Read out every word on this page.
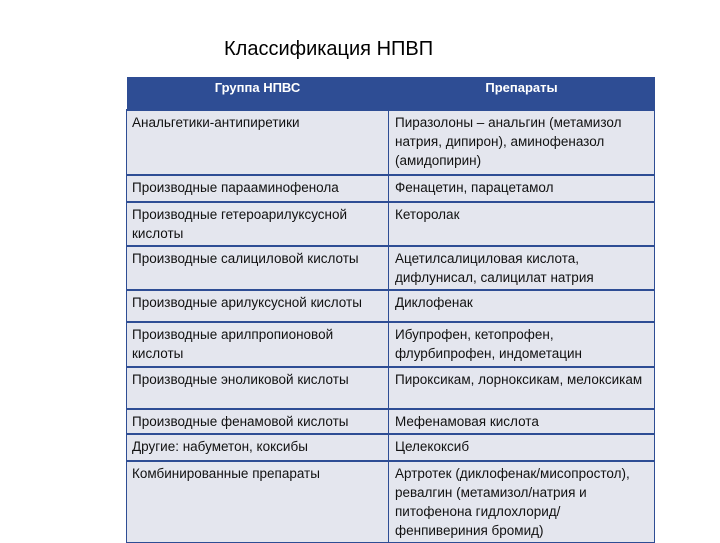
Классификация НПВП
Группа НПВС	Препараты
Анальгетики-антипиретики	Пиразолоны – анальгин (метамизол натрия, дипирон), аминофеназол (амидопирин)
Производные парааминофенола	Фенацетин, парацетамол
Производные гетероарилуксусной кислоты	Кеторолак
Производные салициловой кислоты	Ацетилсалициловая кислота, дифлунисал, салицилат натрия
Производные арилуксусной кислоты	Диклофенак
Производные арилпропионовой кислоты	Ибупрофен, кетопрофен, флурбипрофен, индометацин
Производные эноликовой кислоты	Пироксикам, лорноксикам, мелоксикам
Производные фенамовой кислоты	Мефенамовая кислота
Другие: набуметон, коксибы	Целекоксиб
Комбинированные препараты	Артротек (диклофенак/мисопростол), ревалгин (метамизол/натрия и питофенона гидлохлорид/фенпивериния бромид)
